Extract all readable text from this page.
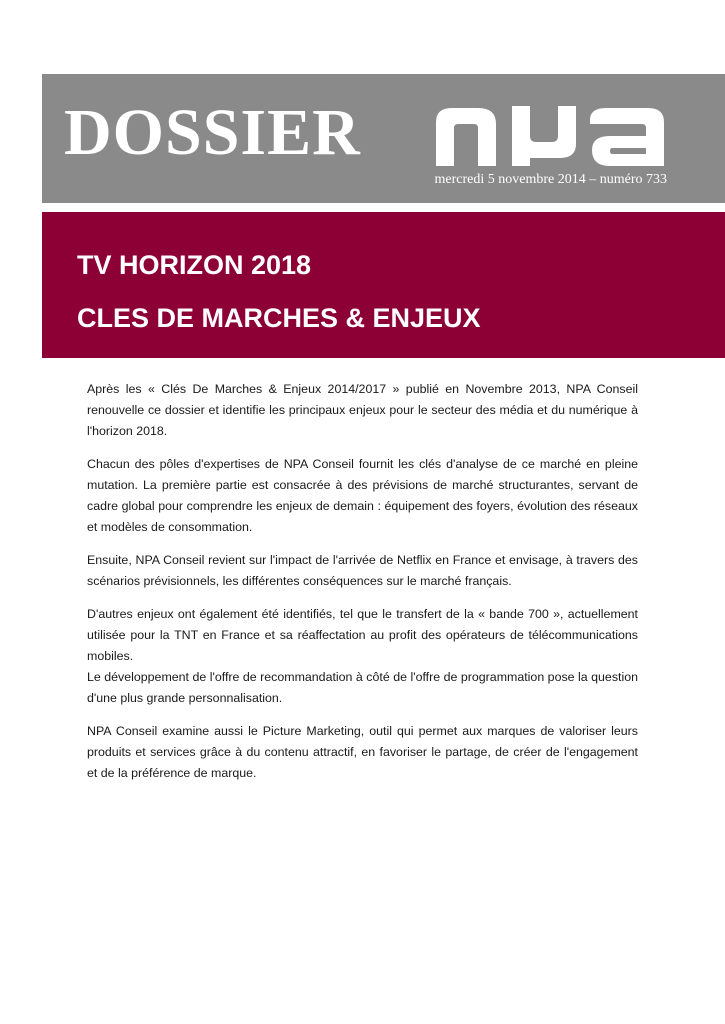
DOSSIER
mercredi 5 novembre 2014 – numéro 733
TV HORIZON 2018
CLES DE MARCHES & ENJEUX

Après les « Clés De Marches & Enjeux 2014/2017 » publié en Novembre 2013, NPA Conseil renouvelle ce dossier et identifie les principaux enjeux pour le secteur des média et du numérique à l'horizon 2018.

Chacun des pôles d'expertises de NPA Conseil fournit les clés d'analyse de ce marché en pleine mutation. La première partie est consacrée à des prévisions de marché structurantes, servant de cadre global pour comprendre les enjeux de demain : équipement des foyers, évolution des réseaux et modèles de consommation.

Ensuite, NPA Conseil revient sur l'impact de l'arrivée de Netflix en France et envisage, à travers des scénarios prévisionnels, les différentes conséquences sur le marché français.

D'autres enjeux ont également été identifiés, tel que le transfert de la « bande 700 », actuellement utilisée pour la TNT en France et sa réaffectation au profit des opérateurs de télécommunications mobiles.

Le développement de l'offre de recommandation à côté de l'offre de programmation pose la question d'une plus grande personnalisation.

NPA Conseil examine aussi le Picture Marketing, outil qui permet aux marques de valoriser leurs produits et services grâce à du contenu attractif, en favoriser le partage, de créer de l'engagement et de la préférence de marque.
